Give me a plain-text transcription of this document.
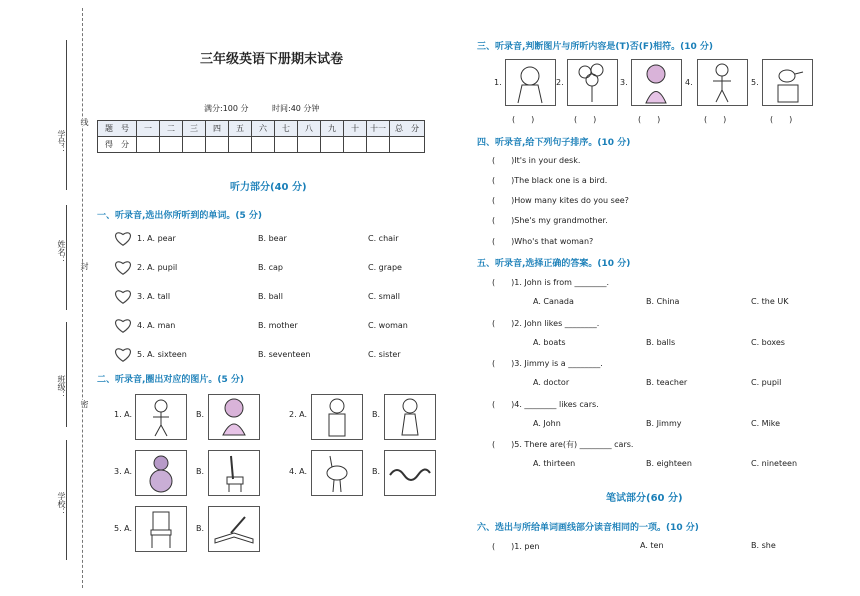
学号：
姓名：
班级：
学校：
线
封
密
三年级英语下册期末试卷
满分:100 分	时间:40 分钟
题　号	一	二	三	四	五	六	七	八	九	十	十一	总　分
得　分												
听力部分(40 分)
一、听录音,选出你所听到的单词。(5 分)
1. A. pear	B. bear	C. chair
2. A. pupil	B. cap	C. grape
3. A. tall	B. ball	C. small
4. A. man	B. mother	C. woman
5. A. sixteen	B. seventeen	C. sister
二、听录音,圈出对应的图片。(5 分)
1. A.	B.	2. A.	B.
3. A.	B.	4. A.	B.
5. A.	B.
三、听录音,判断图片与所听内容是(T)否(F)相符。(10 分)
1.	2.	3.	4.	5.
(　　)	(　　)	(　　)	(　　)	(　　)
四、听录音,给下列句子排序。(10 分)
(　　)It's in your desk.
(　　)The black one is a bird.
(　　)How many kites do you see?
(　　)She's my grandmother.
(　　)Who's that woman?
五、听录音,选择正确的答案。(10 分)
(　　)1. John is from ________.
A. Canada	B. China	C. the UK
(　　)2. John likes ________.
A. boats	B. balls	C. boxes
(　　)3. Jimmy is a ________.
A. doctor	B. teacher	C. pupil
(　　)4. ________ likes cars.
A. John	B. Jimmy	C. Mike
(　　)5. There are(有) ________ cars.
A. thirteen	B. eighteen	C. nineteen
笔试部分(60 分)
六、选出与所给单词画线部分读音相同的一项。(10 分)
(　　)1. pen	A. ten	B. she
